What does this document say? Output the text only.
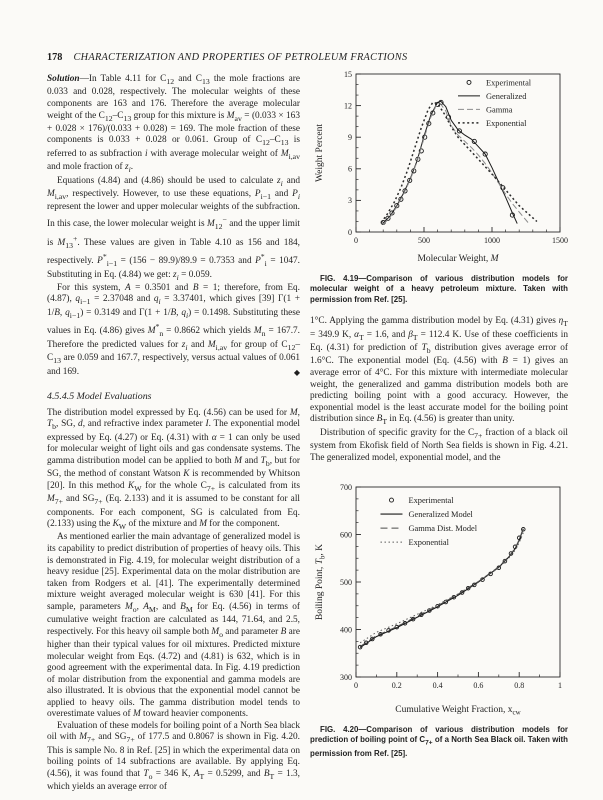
178 CHARACTERIZATION AND PROPERTIES OF PETROLEUM FRACTIONS

Solution—In Table 4.11 for $C_{12}$ and $C_{13}$ the mole fractions are 0.033 and 0.028, respectively. The molecular weights of these components are 163 and 176. Therefore the average molecular weight of the $C_{12}-C_{13}$ group for this mixture is $M_{av} = (0.033 \times 163 + 0.028 \times 176)/(0.033 + 0.028) = 169$. The mole fraction of these components is 0.033 + 0.028 or 0.061. Group of $C_{12}-C_{13}$ is referred to as subfraction i with average molecular weight of $M_{i,av}$ and mole fraction of $z_i$.

Equations (4.84) and (4.86) should be used to calculate $z_i$ and $M_{i,av}$, respectively. However, to use these equations, $P_{i-1}$ and $P_i$ represent the lower and upper molecular weights of the subfraction. In this case, the lower molecular weight is $M_{12}^-$ and the upper limit is $M_{13}^+$. These values are given in Table 4.10 as 156 and 184, respectively. $P^*_{i-1} = (156 - 89.9)/89.9 = 0.7353$ and $P^*_i = 1047$. Substituting in Eq. (4.84) we get: $z_i = 0.059$.

For this system, A = 0.3501 and B = 1; therefore, from Eq. (4.87), $q_{i-1} = 2.37048$ and $q_i = 3.37401$, which gives [39] Γ(1 + 1/B, $q_{i-1}) = 0.3149$ and Γ(1 + 1/B, $q_i) = 0.1498$. Substituting these values in Eq. (4.86) gives $M^*_n = 0.8662$ which yields $M_n = 167.7$. Therefore the predicted values for $z_i$ and $M_{i,av}$ for group of $C_{12}-C_{13}$ are 0.059 and 167.7, respectively, versus actual values of 0.061 and 169.	◆

4.5.4.5 Model Evaluations

The distribution model expressed by Eq. (4.56) can be used for M, $T_b$, SG, d, and refractive index parameter I. The exponential model expressed by Eq. (4.27) or Eq. (4.31) with α = 1 can only be used for molecular weight of light oils and gas condensate systems. The gamma distribution model can be applied to both M and $T_b$, but for SG, the method of constant Watson K is recommended by Whitson [20]. In this method $K_W$ for the whole $C_{7+}$ is calculated from its $M_{7+}$ and $SG_{7+}$ (Eq. 2.133) and it is assumed to be constant for all components. For each component, SG is calculated from Eq. (2.133) using the $K_W$ of the mixture and M for the component.

As mentioned earlier the main advantage of generalized model is its capability to predict distribution of properties of heavy oils. This is demonstrated in Fig. 4.19, for molecular weight distribution of a heavy residue [25]. Experimental data on the molar distribution are taken from Rodgers et al. [41]. The experimentally determined mixture weight averaged molecular weight is 630 [41]. For this sample, parameters $M_o$, $A_M$, and $B_M$ for Eq. (4.56) in terms of cumulative weight fraction are calculated as 144, 71.64, and 2.5, respectively. For this heavy oil sample both $M_o$ and parameter B are higher than their typical values for oil mixtures. Predicted mixture molecular weight from Eqs. (4.72) and (4.81) is 632, which is in good agreement with the experimental data. In Fig. 4.19 prediction of molar distribution from the exponential and gamma models are also illustrated. It is obvious that the exponential model cannot be applied to heavy oils. The gamma distribution model tends to overestimate values of M toward heavier components.

Evaluation of these models for boiling point of a North Sea black oil with $M_{7+}$ and $SG_{7+}$ of 177.5 and 0.8067 is shown in Fig. 4.20. This is sample No. 8 in Ref. [25] in which the experimental data on boiling points of 14 subfractions are available. By applying Eq. (4.56), it was found that $T_o = 346$ K, $A_T = 0.5299$, and $B_T = 1.3$, which yields an average error of

0	500	1000	1500
0
3
6
9
12
15
Experimental
Generalized
Gamma
Exponential
Molecular Weight, M
Weight Percent
FIG. 4.19—Comparison of various distribution models for molecular weight of a heavy petroleum mixture. Taken with permission from Ref. [25].

1°C. Applying the gamma distribution model by Eq. (4.31) gives $\eta_T = 349.9$ K, $\alpha_T = 1.6$, and $\beta_T = 112.4$ K. Use of these coefficients in Eq. (4.31) for prediction of $T_b$ distribution gives average error of 1.6°C. The exponential model (Eq. (4.56) with B = 1) gives an average error of 4°C. For this mixture with intermediate molecular weight, the generalized and gamma distribution models both are predicting boiling point with a good accuracy. However, the exponential model is the least accurate model for the boiling point distribution since $B_T$ in Eq. (4.56) is greater than unity.

Distribution of specific gravity for the $C_{7+}$ fraction of a black oil system from Ekofisk field of North Sea fields is shown in Fig. 4.21. The generalized model, exponential model, and the

0	0.2	0.4	0.6	0.8	1
300
400
500
600
700
Experimental
Generalized Model
Gamma Dist. Model
Exponential
Cumulative Weight Fraction, $x_{cw}$
Boiling Point, $T_b$, K
FIG. 4.20—Comparison of various distribution models for prediction of boiling point of $C_{7+}$ of a North Sea Black oil. Taken with permission from Ref. [25].
